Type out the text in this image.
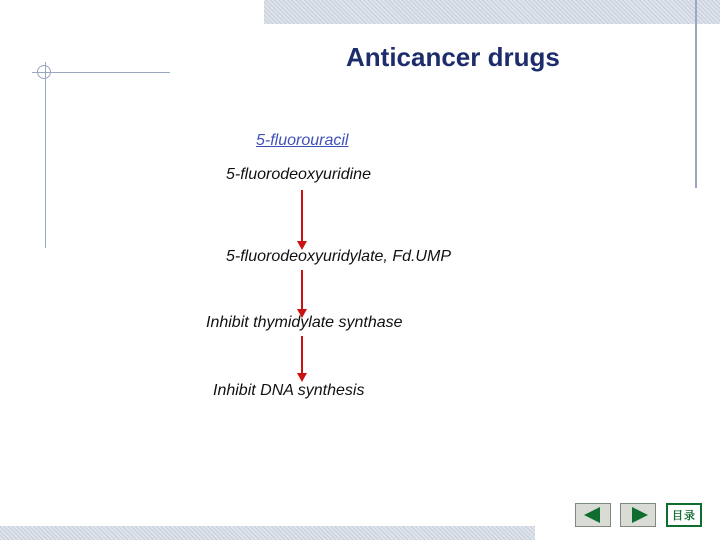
Anticancer drugs
5-fluorouracil
5-fluorodeoxyuridine
5-fluorodeoxyuridylate, Fd.UMP
Inhibit thymidylate synthase
Inhibit DNA synthesis
目录
